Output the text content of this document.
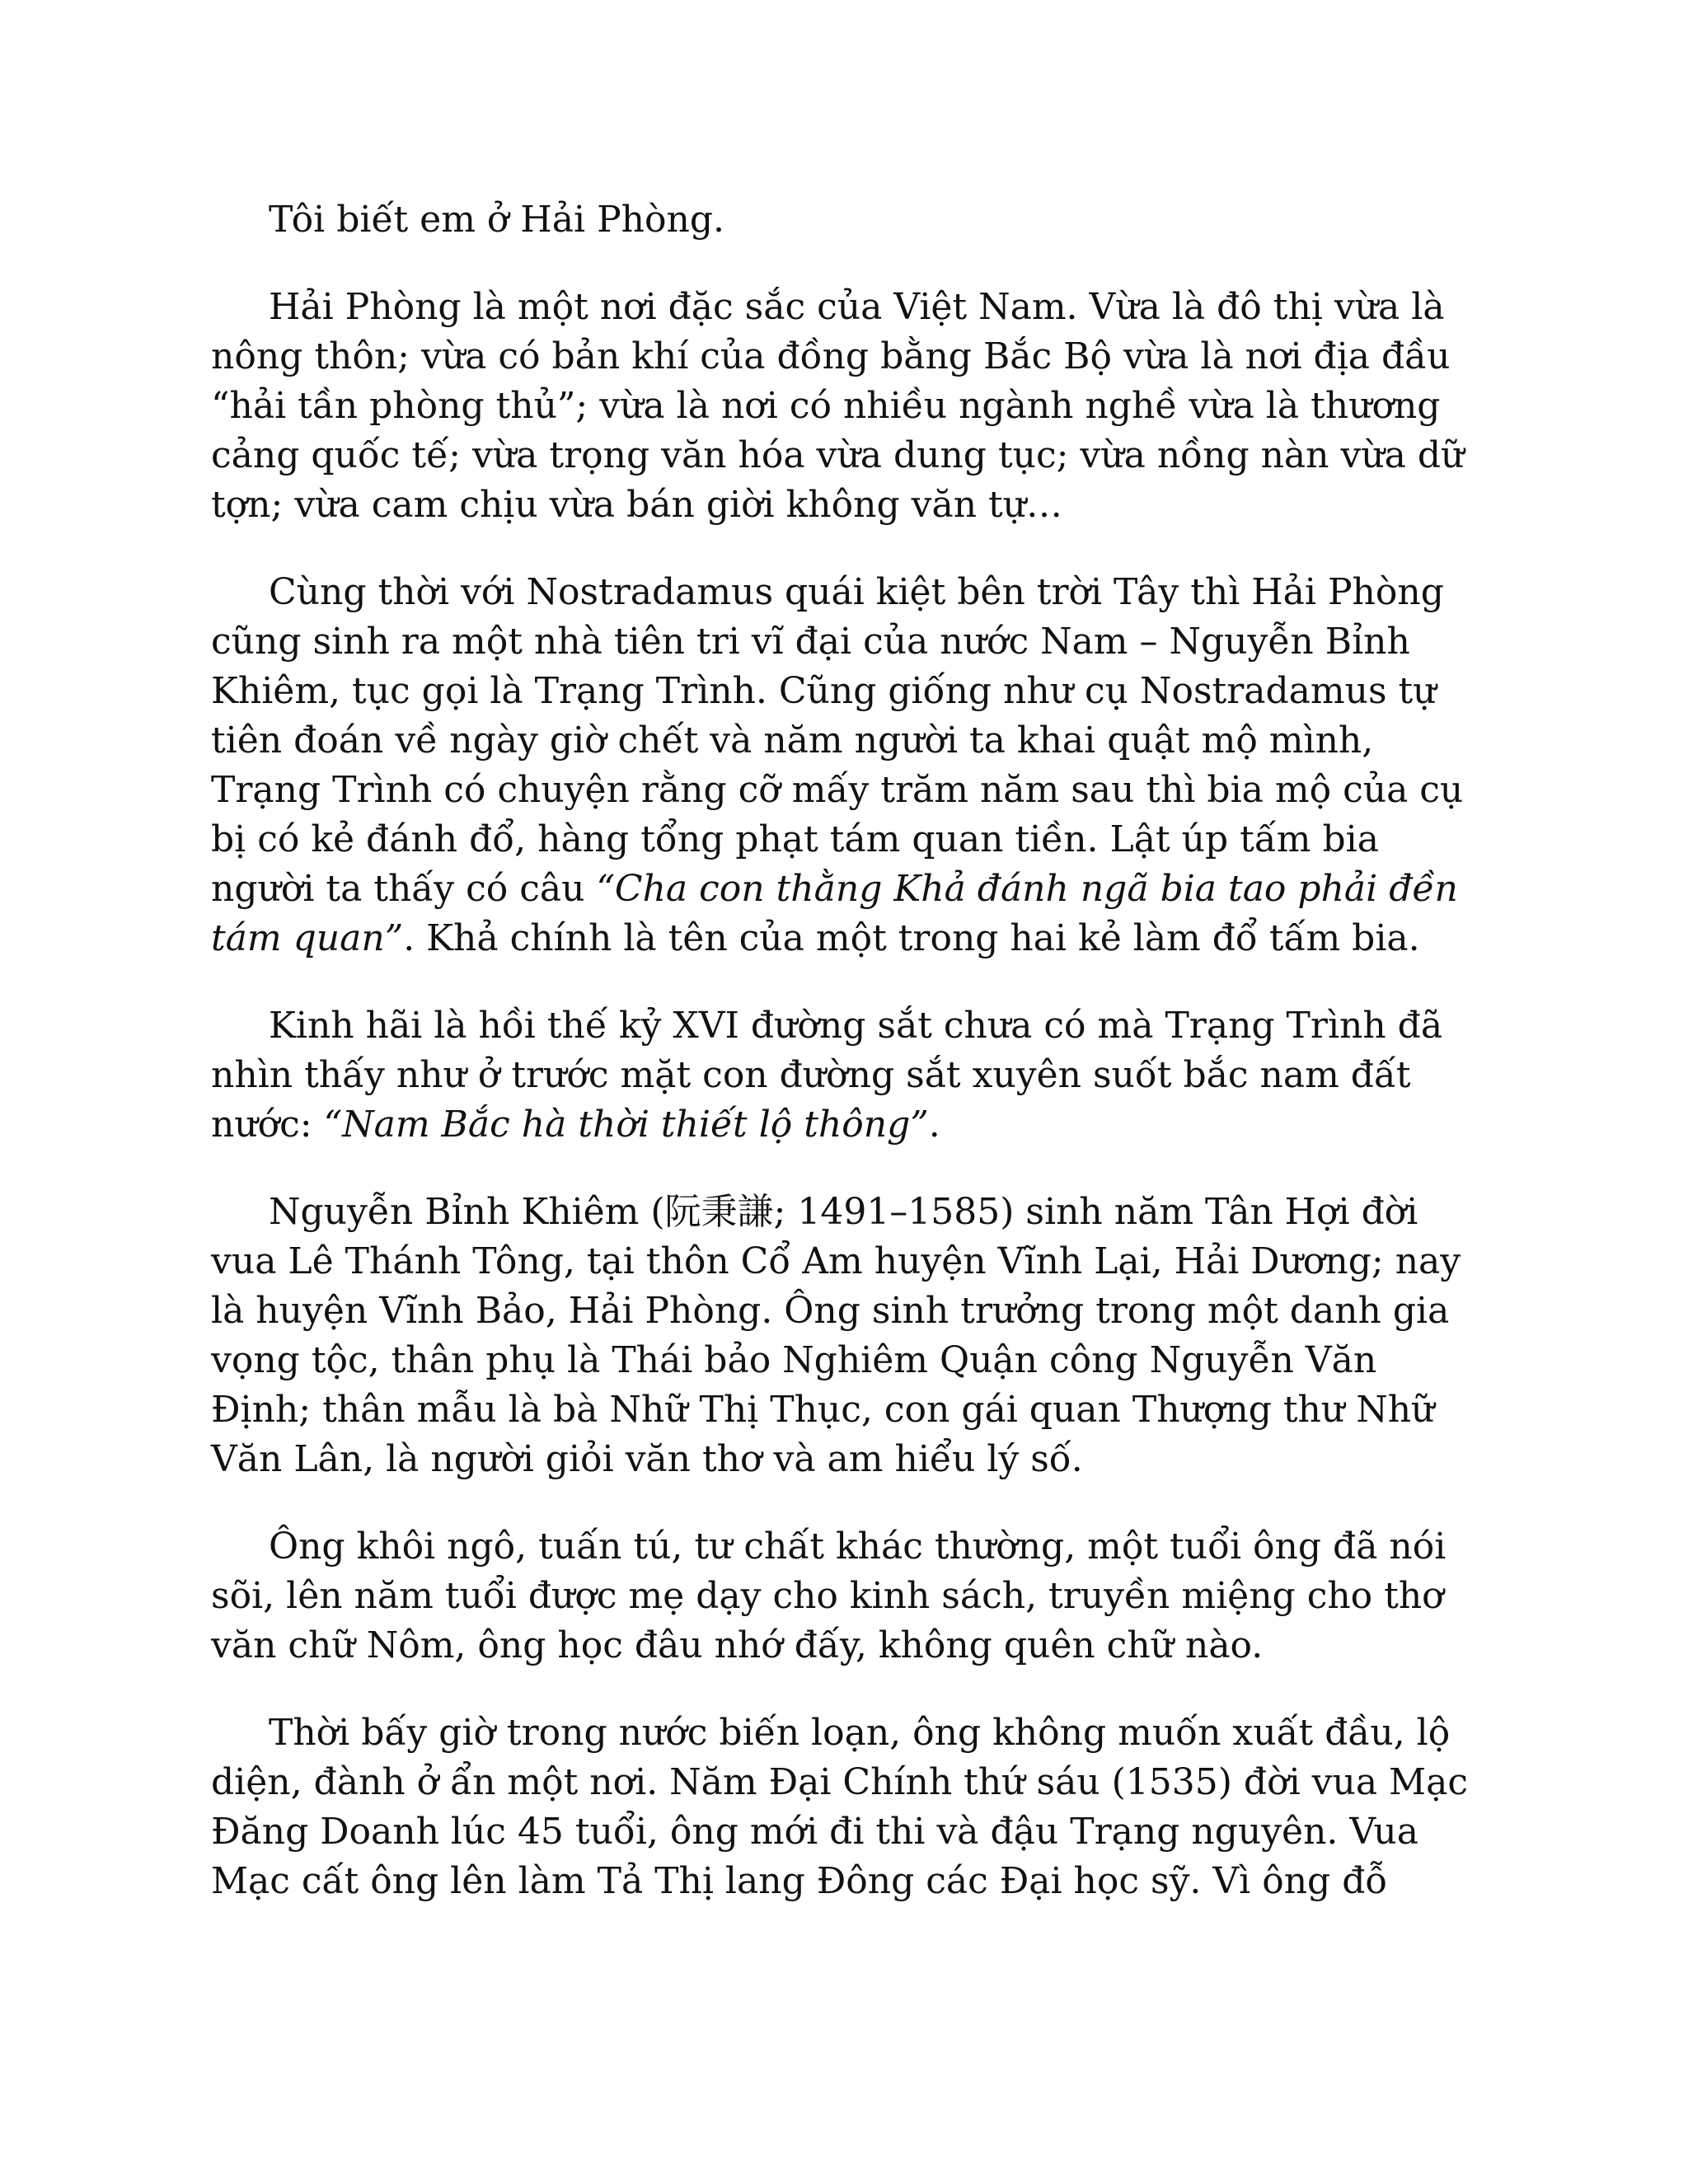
Tôi biết em ở Hải Phòng.

Hải Phòng là một nơi đặc sắc của Việt Nam. Vừa là đô thị vừa là nông thôn; vừa có bản khí của đồng bằng Bắc Bộ vừa là nơi địa đầu “hải tần phòng thủ”; vừa là nơi có nhiều ngành nghề vừa là thương cảng quốc tế; vừa trọng văn hóa vừa dung tục; vừa nồng nàn vừa dữ tợn; vừa cam chịu vừa bán giời không văn tự…

Cùng thời với Nostradamus quái kiệt bên trời Tây thì Hải Phòng cũng sinh ra một nhà tiên tri vĩ đại của nước Nam – Nguyễn Bỉnh Khiêm, tục gọi là Trạng Trình. Cũng giống như cụ Nostradamus tự tiên đoán về ngày giờ chết và năm người ta khai quật mộ mình, Trạng Trình có chuyện rằng cỡ mấy trăm năm sau thì bia mộ của cụ bị có kẻ đánh đổ, hàng tổng phạt tám quan tiền. Lật úp tấm bia người ta thấy có câu “Cha con thằng Khả đánh ngã bia tao phải đền tám quan”. Khả chính là tên của một trong hai kẻ làm đổ tấm bia.

Kinh hãi là hồi thế kỷ XVI đường sắt chưa có mà Trạng Trình đã nhìn thấy như ở trước mặt con đường sắt xuyên suốt bắc nam đất nước: “Nam Bắc hà thời thiết lộ thông”.

Nguyễn Bỉnh Khiêm (阮秉謙; 1491–1585) sinh năm Tân Hợi đời vua Lê Thánh Tông, tại thôn Cổ Am huyện Vĩnh Lại, Hải Dương; nay là huyện Vĩnh Bảo, Hải Phòng. Ông sinh trưởng trong một danh gia vọng tộc, thân phụ là Thái bảo Nghiêm Quận công Nguyễn Văn Định; thân mẫu là bà Nhữ Thị Thục, con gái quan Thượng thư Nhữ Văn Lân, là người giỏi văn thơ và am hiểu lý số.

Ông khôi ngô, tuấn tú, tư chất khác thường, một tuổi ông đã nói sõi, lên năm tuổi được mẹ dạy cho kinh sách, truyền miệng cho thơ văn chữ Nôm, ông học đâu nhớ đấy, không quên chữ nào.

Thời bấy giờ trong nước biến loạn, ông không muốn xuất đầu, lộ diện, đành ở ẩn một nơi. Năm Đại Chính thứ sáu (1535) đời vua Mạc Đăng Doanh lúc 45 tuổi, ông mới đi thi và đậu Trạng nguyên. Vua Mạc cất ông lên làm Tả Thị lang Đông các Đại học sỹ. Vì ông đỗ
